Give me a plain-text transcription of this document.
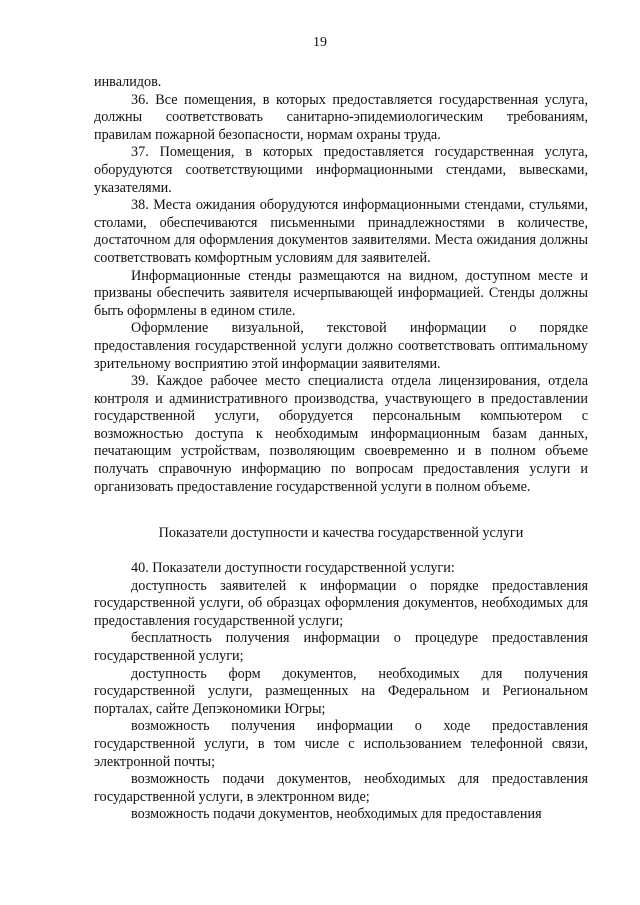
19

инвалидов.

36. Все помещения, в которых предоставляется государственная услуга, должны соответствовать санитарно-эпидемиологическим требованиям, правилам пожарной безопасности, нормам охраны труда.

37. Помещения, в которых предоставляется государственная услуга, оборудуются соответствующими информационными стендами, вывесками, указателями.

38. Места ожидания оборудуются информационными стендами, стульями, столами, обеспечиваются письменными принадлежностями в количестве, достаточном для оформления документов заявителями. Места ожидания должны соответствовать комфортным условиям для заявителей.

Информационные стенды размещаются на видном, доступном месте и призваны обеспечить заявителя исчерпывающей информацией. Стенды должны быть оформлены в едином стиле.

Оформление визуальной, текстовой информации о порядке предоставления государственной услуги должно соответствовать оптимальному зрительному восприятию этой информации заявителями.

39. Каждое рабочее место специалиста отдела лицензирования, отдела контроля и административного производства, участвующего в предоставлении государственной услуги, оборудуется персональным компьютером с возможностью доступа к необходимым информационным базам данных, печатающим устройствам, позволяющим своевременно и в полном объеме получать справочную информацию по вопросам предоставления услуги и организовать предоставление государственной услуги в полном объеме.

Показатели доступности и качества государственной услуги

40. Показатели доступности государственной услуги:

доступность заявителей к информации о порядке предоставления государственной услуги, об образцах оформления документов, необходимых для предоставления государственной услуги;

бесплатность получения информации о процедуре предоставления государственной услуги;

доступность форм документов, необходимых для получения государственной услуги, размещенных на Федеральном и Региональном порталах, сайте Депэкономики Югры;

возможность получения информации о ходе предоставления государственной услуги, в том числе с использованием телефонной связи, электронной почты;

возможность подачи документов, необходимых для предоставления государственной услуги, в электронном виде;

возможность подачи документов, необходимых для предоставления
